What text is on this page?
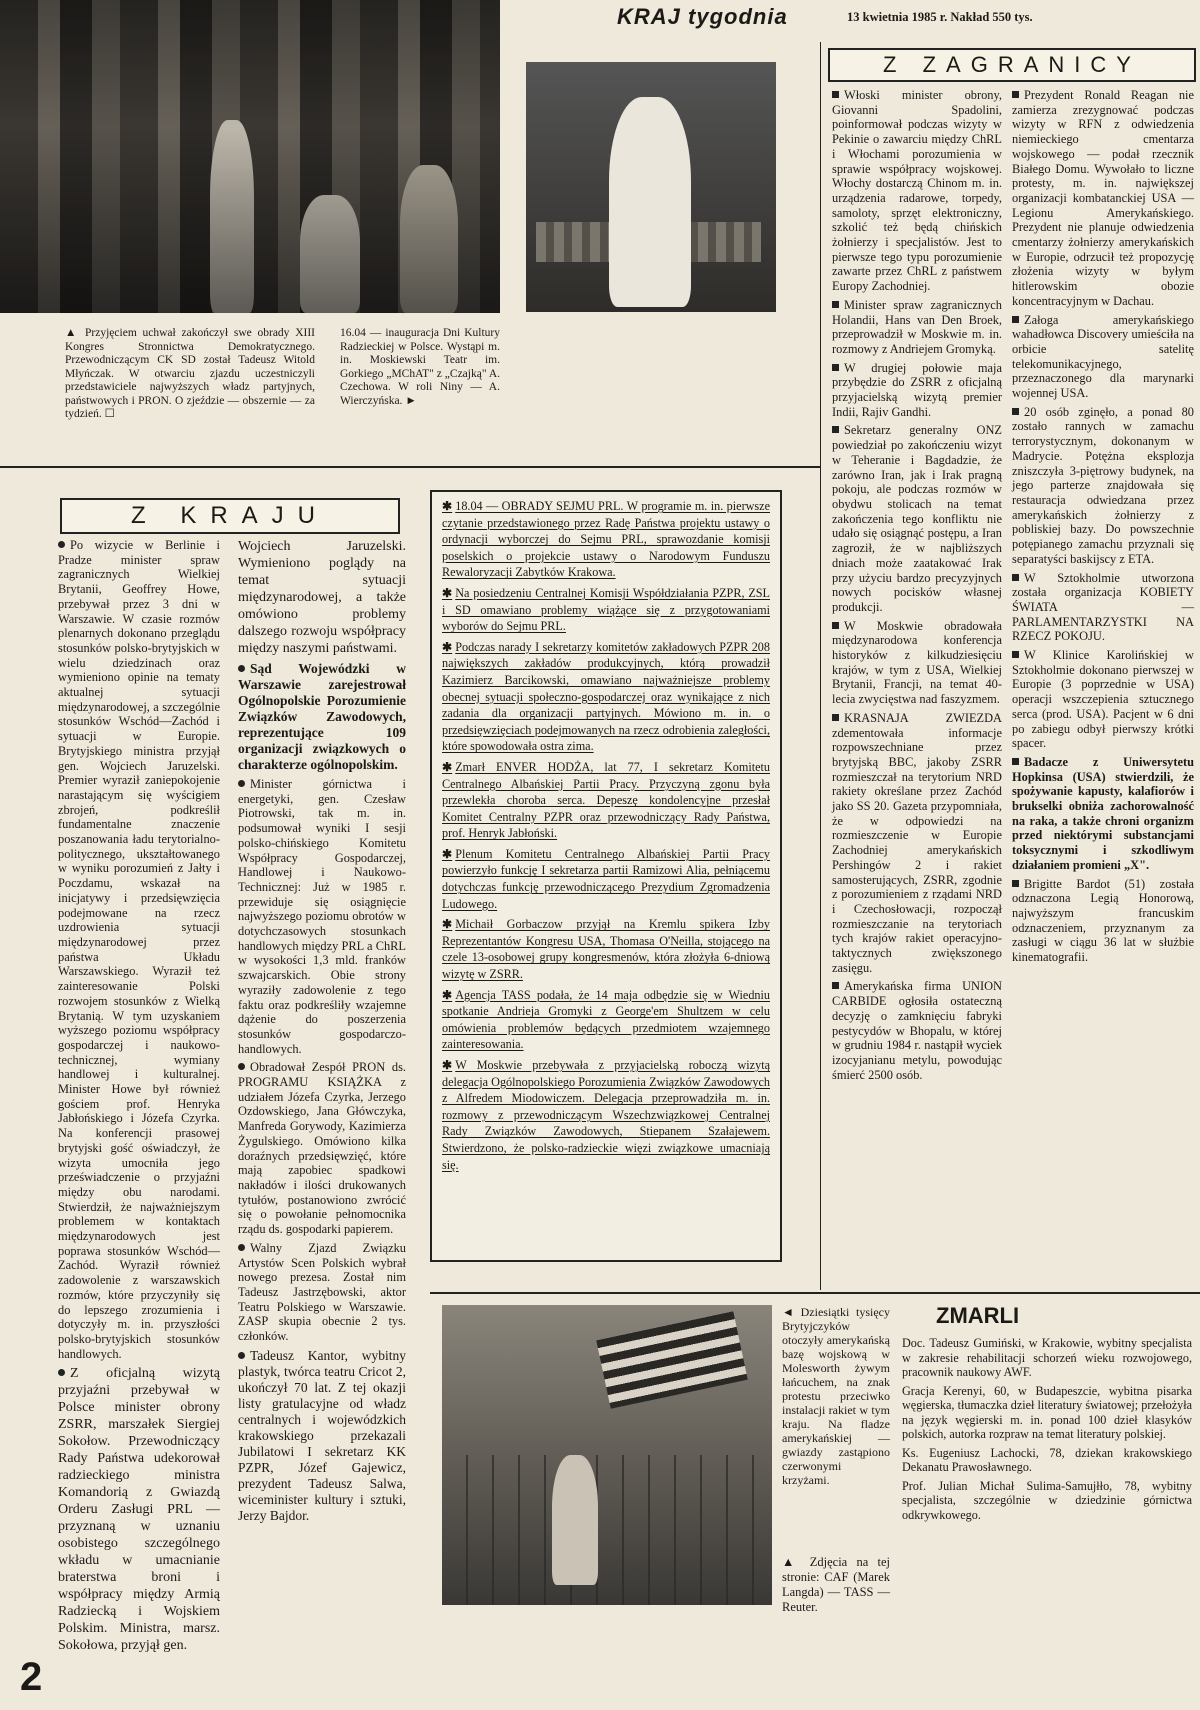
KRAJ tygodnia	13 kwietnia 1985 r. Nakład 550 tys.
▲ Przyjęciem uchwał zakończył swe obrady XIII Kongres Stronnictwa Demokratycznego. Przewodniczącym CK SD został Tadeusz Witold Młyńczak. W otwarciu zjazdu uczestniczyli przedstawiciele najwyższych władz partyjnych, państwowych i PRON. O zjeździe — obszernie — za tydzień. ☐
16.04 — inauguracja Dni Kultury Radzieckiej w Polsce. Wystąpi m. in. Moskiewski Teatr im. Gorkiego „MChAT" z „Czajką" A. Czechowa. W roli Niny — A. Wierczyńska. ►
Z KRAJU

Po wizycie w Berlinie i Pradze minister spraw zagranicznych Wielkiej Brytanii, Geoffrey Howe, przebywał przez 3 dni w Warszawie. W czasie rozmów plenarnych dokonano przeglądu stosunków polsko-brytyjskich w wielu dziedzinach oraz wymieniono opinie na tematy aktualnej sytuacji międzynarodowej, a szczególnie stosunków Wschód—Zachód i sytuacji w Europie. Brytyjskiego ministra przyjął gen. Wojciech Jaruzelski. Premier wyraził zaniepokojenie narastającym się wyścigiem zbrojeń, podkreślił fundamentalne znaczenie poszanowania ładu terytorialno-politycznego, ukształtowanego w wyniku porozumień z Jałty i Poczdamu, wskazał na inicjatywy i przedsięwzięcia podejmowane na rzecz uzdrowienia sytuacji międzynarodowej przez państwa Układu Warszawskiego. Wyraził też zainteresowanie Polski rozwojem stosunków z Wielką Brytanią. W tym uzyskaniem wyższego poziomu współpracy gospodarczej i naukowo-technicznej, wymiany handlowej i kulturalnej. Minister Howe był również gościem prof. Henryka Jabłońskiego i Józefa Czyrka. Na konferencji prasowej brytyjski gość oświadczył, że wizyta umocniła jego przeświadczenie o przyjaźni między obu narodami. Stwierdził, że najważniejszym problemem w kontaktach międzynarodowych jest poprawa stosunków Wschód—Zachód. Wyraził również zadowolenie z warszawskich rozmów, które przyczyniły się do lepszego zrozumienia i dotyczyły m. in. przyszłości polsko-brytyjskich stosunków handlowych.

Z oficjalną wizytą przyjaźni przebywał w Polsce minister obrony ZSRR, marszałek Siergiej Sokołow. Przewodniczący Rady Państwa udekorował radzieckiego ministra Komandorią z Gwiazdą Orderu Zasługi PRL — przyznaną w uznaniu osobistego szczególnego wkładu w umacnianie braterstwa broni i współpracy między Armią Radziecką i Wojskiem Polskim. Ministra, marsz. Sokołowa, przyjął gen.

Wojciech Jaruzelski. Wymieniono poglądy na temat sytuacji międzynarodowej, a także omówiono problemy dalszego rozwoju współpracy między naszymi państwami.

Sąd Wojewódzki w Warszawie zarejestrował Ogólnopolskie Porozumienie Związków Zawodowych, reprezentujące 109 organizacji związkowych o charakterze ogólnopolskim.

Minister górnictwa i energetyki, gen. Czesław Piotrowski, tak m. in. podsumował wyniki I sesji polsko-chińskiego Komitetu Współpracy Gospodarczej, Handlowej i Naukowo-Technicznej: Już w 1985 r. przewiduje się osiągnięcie najwyższego poziomu obrotów w dotychczasowych stosunkach handlowych między PRL a ChRL w wysokości 1,3 mld. franków szwajcarskich. Obie strony wyraziły zadowolenie z tego faktu oraz podkreśliły wzajemne dążenie do poszerzenia stosunków gospodarczo-handlowych.

Obradował Zespół PRON ds. PROGRAMU KSIĄŻKA z udziałem Józefa Czyrka, Jerzego Ozdowskiego, Jana Główczyka, Manfreda Gorywody, Kazimierza Żygulskiego. Omówiono kilka doraźnych przedsięwzięć, które mają zapobiec spadkowi nakładów i ilości drukowanych tytułów, postanowiono zwrócić się o powołanie pełnomocnika rządu ds. gospodarki papierem.

Walny Zjazd Związku Artystów Scen Polskich wybrał nowego prezesa. Został nim Tadeusz Jastrzębowski, aktor Teatru Polskiego w Warszawie. ZASP skupia obecnie 2 tys. członków.

Tadeusz Kantor, wybitny plastyk, twórca teatru Cricot 2, ukończył 70 lat. Z tej okazji listy gratulacyjne od władz centralnych i wojewódzkich krakowskiego przekazali Jubilatowi I sekretarz KK PZPR, Józef Gajewicz, prezydent Tadeusz Salwa, wiceminister kultury i sztuki, Jerzy Bajdor.

✱ 18.04 — OBRADY SEJMU PRL. W programie m. in. pierwsze czytanie przedstawionego przez Radę Państwa projektu ustawy o ordynacji wyborczej do Sejmu PRL, sprawozdanie komisji poselskich o projekcie ustawy o Narodowym Funduszu Rewaloryzacji Zabytków Krakowa.

✱ Na posiedzeniu Centralnej Komisji Współdziałania PZPR, ZSL i SD omawiano problemy wiążące się z przygotowaniami wyborów do Sejmu PRL.

✱ Podczas narady I sekretarzy komitetów zakładowych PZPR 208 największych zakładów produkcyjnych, którą prowadził Kazimierz Barcikowski, omawiano najważniejsze problemy obecnej sytuacji społeczno-gospodarczej oraz wynikające z nich zadania dla organizacji partyjnych. Mówiono m. in. o przedsięwzięciach podejmowanych na rzecz odrobienia zaległości, które spowodowała ostra zima.

✱ Zmarł ENVER HODŻA, lat 77, I sekretarz Komitetu Centralnego Albańskiej Partii Pracy. Przyczyną zgonu była przewlekła choroba serca. Depeszę kondolencyjne przesłał Komitet Centralny PZPR oraz przewodniczący Rady Państwa, prof. Henryk Jabłoński.

✱ Plenum Komitetu Centralnego Albańskiej Partii Pracy powierzyło funkcję I sekretarza partii Ramizowi Alia, pełniącemu dotychczas funkcję przewodniczącego Prezydium Zgromadzenia Ludowego.

✱ Michaił Gorbaczow przyjął na Kremlu spikera Izby Reprezentantów Kongresu USA, Thomasa O'Neilla, stojącego na czele 13-osobowej grupy kongresmenów, która złożyła 6-dniową wizytę w ZSRR.

✱ Agencja TASS podała, że 14 maja odbędzie się w Wiedniu spotkanie Andrieja Gromyki z George'em Shultzem w celu omówienia problemów będących przedmiotem wzajemnego zainteresowania.

✱ W Moskwie przebywała z przyjacielską roboczą wizytą delegacja Ogólnopolskiego Porozumienia Związków Zawodowych z Alfredem Miodowiczem. Delegacja przeprowadziła m. in. rozmowy z przewodniczącym Wszechzwiązkowej Centralnej Rady Związków Zawodowych, Stiepanem Szałajewem. Stwierdzono, że polsko-radzieckie więzi związkowe umacniają się.

Z ZAGRANICY

Włoski minister obrony, Giovanni Spadolini, poinformował podczas wizyty w Pekinie o zawarciu między ChRL i Włochami porozumienia w sprawie współpracy wojskowej. Włochy dostarczą Chinom m. in. urządzenia radarowe, torpedy, samoloty, sprzęt elektroniczny, szkolić też będą chińskich żołnierzy i specjalistów. Jest to pierwsze tego typu porozumienie zawarte przez ChRL z państwem Europy Zachodniej.

Minister spraw zagranicznych Holandii, Hans van Den Broek, przeprowadził w Moskwie m. in. rozmowy z Andriejem Gromyką.

W drugiej połowie maja przybędzie do ZSRR z oficjalną przyjacielską wizytą premier Indii, Rajiv Gandhi.

Sekretarz generalny ONZ powiedział po zakończeniu wizyt w Teheranie i Bagdadzie, że zarówno Iran, jak i Irak pragną pokoju, ale podczas rozmów w obydwu stolicach na temat zakończenia tego konfliktu nie udało się osiągnąć postępu, a Iran zagroził, że w najbliższych dniach może zaatakować Irak przy użyciu bardzo precyzyjnych nowych pocisków własnej produkcji.

W Moskwie obradowała międzynarodowa konferencja historyków z kilkudziesięciu krajów, w tym z USA, Wielkiej Brytanii, Francji, na temat 40-lecia zwycięstwa nad faszyzmem.

KRASNAJA ZWIEZDA zdementowała informacje rozpowszechniane przez brytyjską BBC, jakoby ZSRR rozmieszczał na terytorium NRD rakiety określane przez Zachód jako SS 20. Gazeta przypomniała, że w odpowiedzi na rozmieszczenie w Europie Zachodniej amerykańskich Pershingów 2 i rakiet samosterujących, ZSRR, zgodnie z porozumieniem z rządami NRD i Czechosłowacji, rozpoczął rozmieszczanie na terytoriach tych krajów rakiet operacyjno-taktycznych zwiększonego zasięgu.

Amerykańska firma UNION CARBIDE ogłosiła ostateczną decyzję o zamknięciu fabryki pestycydów w Bhopalu, w której w grudniu 1984 r. nastąpił wyciek izocyjanianu metylu, powodując śmierć 2500 osób.

Prezydent Ronald Reagan nie zamierza zrezygnować podczas wizyty w RFN z odwiedzenia niemieckiego cmentarza wojskowego — podał rzecznik Białego Domu. Wywołało to liczne protesty, m. in. największej organizacji kombatanckiej USA — Legionu Amerykańskiego. Prezydent nie planuje odwiedzenia cmentarzy żołnierzy amerykańskich w Europie, odrzucił też propozycję złożenia wizyty w byłym hitlerowskim obozie koncentracyjnym w Dachau.

Załoga amerykańskiego wahadłowca Discovery umieściła na orbicie satelitę telekomunikacyjnego, przeznaczonego dla marynarki wojennej USA.

20 osób zginęło, a ponad 80 zostało rannych w zamachu terrorystycznym, dokonanym w Madrycie. Potężna eksplozja zniszczyła 3-piętrowy budynek, na jego parterze znajdowała się restauracja odwiedzana przez amerykańskich żołnierzy z pobliskiej bazy. Do powszechnie potępianego zamachu przyznali się separatyści baskijscy z ETA.

W Sztokholmie utworzona została organizacja KOBIETY ŚWIATA — PARLAMENTARZYSTKI NA RZECZ POKOJU.

W Klinice Karolińskiej w Sztokholmie dokonano pierwszej w Europie (3 poprzednie w USA) operacji wszczepienia sztucznego serca (prod. USA). Pacjent w 6 dni po zabiegu odbył pierwszy krótki spacer.

Badacze z Uniwersytetu Hopkinsa (USA) stwierdzili, że spożywanie kapusty, kalafiorów i brukselki obniża zachorowalność na raka, a także chroni organizm przed niektórymi substancjami toksycznymi i szkodliwym działaniem promieni „X".

Brigitte Bardot (51) została odznaczona Legią Honorową, najwyższym francuskim odznaczeniem, przyznanym za zasługi w ciągu 36 lat w służbie kinematografii.

◄ Dziesiątki tysięcy Brytyjczyków otoczyły amerykańską bazę wojskową w Molesworth żywym łańcuchem, na znak protestu przeciwko instalacji rakiet w tym kraju. Na fladze amerykańskiej — gwiazdy zastąpiono czerwonymi krzyżami.
▲ Zdjęcia na tej stronie: CAF (Marek Langda) — TASS — Reuter.
ZMARLI

Doc. Tadeusz Gumiński, w Krakowie, wybitny specjalista w zakresie rehabilitacji schorzeń wieku rozwojowego, pracownik naukowy AWF.

Gracja Kerenyi, 60, w Budapeszcie, wybitna pisarka węgierska, tłumaczka dzieł literatury światowej; przełożyła na język węgierski m. in. ponad 100 dzieł klasyków polskich, autorka rozpraw na temat literatury polskiej.

Ks. Eugeniusz Lachocki, 78, dziekan krakowskiego Dekanatu Prawosławnego.

Prof. Julian Michał Sulima-Samujłło, 78, wybitny specjalista, szczególnie w dziedzinie górnictwa odkrywkowego.

2
